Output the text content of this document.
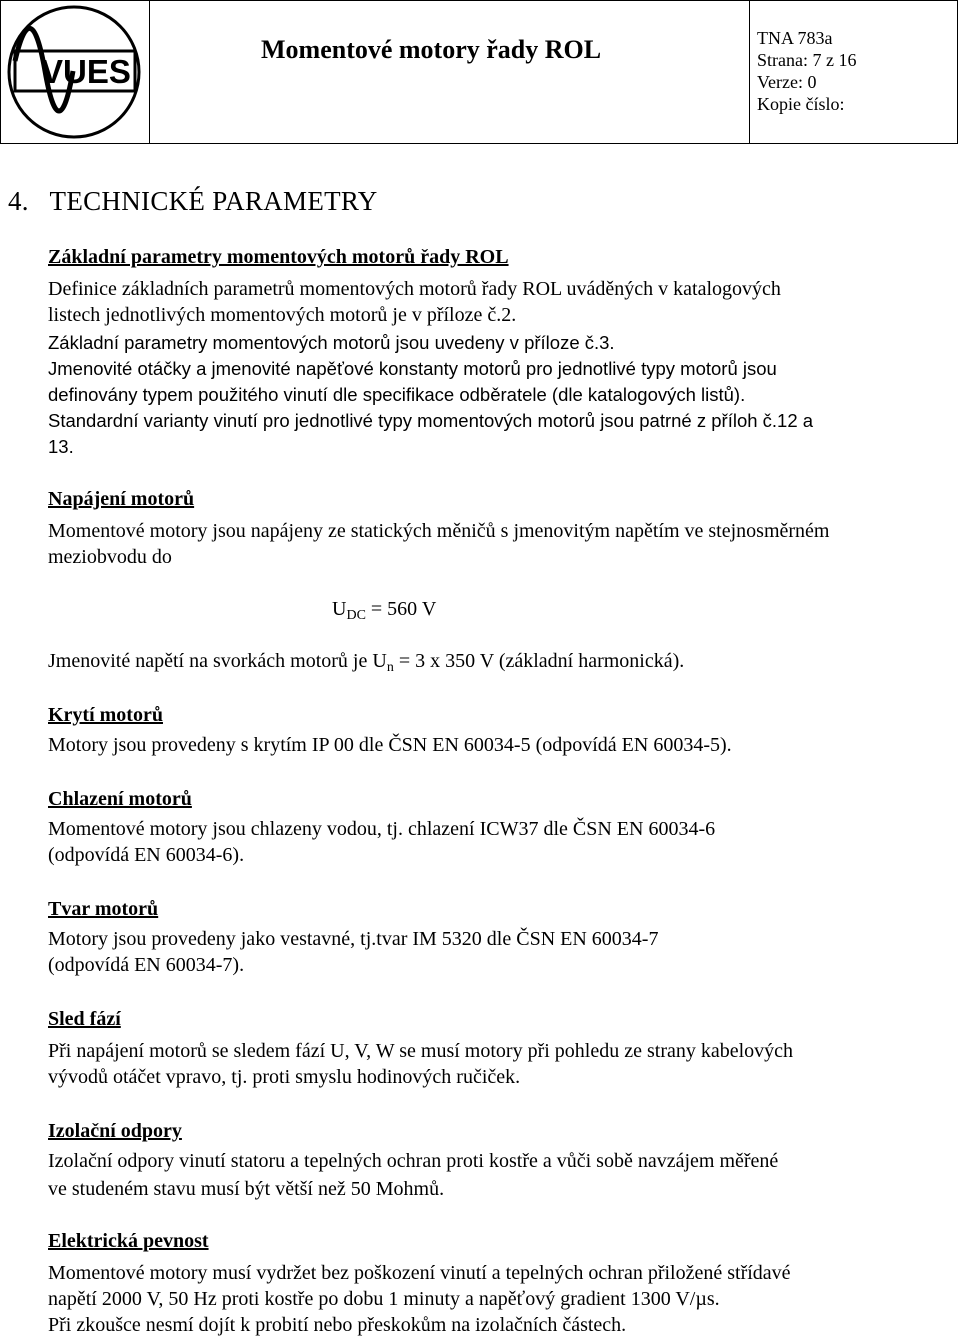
VUES
Momentové motory řady ROL	TNA 783a
Strana: 7 z 16
Verze: 0
Kopie číslo:
4. TECHNICKÉ PARAMETRY
Základní parametry momentových motorů řady ROL
Definice základních parametrů momentových motorů řady ROL uváděných v katalogových
listech jednotlivých momentových motorů je v příloze č.2.
Základní parametry momentových motorů jsou uvedeny v příloze č.3.
Jmenovité otáčky a jmenovité napěťové konstanty motorů pro jednotlivé typy motorů jsou
definovány typem použitého vinutí dle specifikace odběratele (dle katalogových listů).
Standardní varianty vinutí pro jednotlivé typy momentových motorů jsou patrné z příloh č.12 a
13.
Napájení motorů
Momentové motory jsou napájeny ze statických měničů s jmenovitým napětím ve stejnosměrném
meziobvodu do
$U_{DC} = 560$ V
Jmenovité napětí na svorkách motorů je $U_n = 3$ x 350 V (základní harmonická).
Krytí motorů
Motory jsou provedeny s krytím IP 00 dle ČSN EN 60034-5 (odpovídá EN 60034-5).
Chlazení motorů
Momentové motory jsou chlazeny vodou, tj. chlazení ICW37 dle ČSN EN 60034-6
(odpovídá EN 60034-6).
Tvar motorů
Motory jsou provedeny jako vestavné, tj.tvar IM 5320 dle ČSN EN 60034-7
(odpovídá EN 60034-7).
Sled fází
Při napájení motorů se sledem fází U, V, W se musí motory při pohledu ze strany kabelových
vývodů otáčet vpravo, tj. proti smyslu hodinových ručiček.
Izolační odpory
Izolační odpory vinutí statoru a tepelných ochran proti kostře a vůči sobě navzájem měřené
ve studeném stavu musí být větší než 50 Mohmů.
Elektrická pevnost
Momentové motory musí vydržet bez poškození vinutí a tepelných ochran přiložené střídavé
napětí 2000 V, 50 Hz proti kostře po dobu 1 minuty a napěťový gradient 1300 V/µs.
Při zkoušce nesmí dojít k probití nebo přeskokům na izolačních částech.
